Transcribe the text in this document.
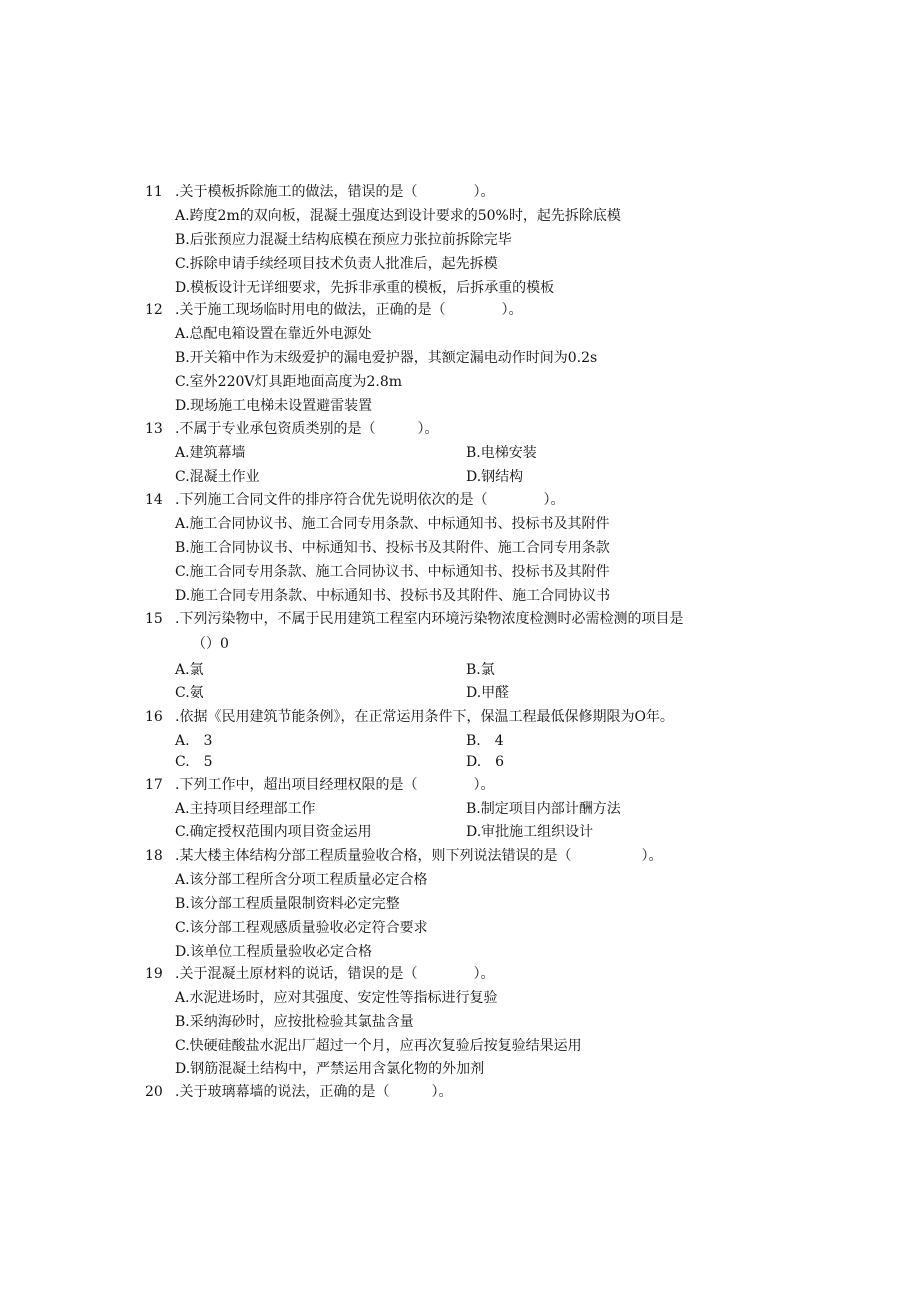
11 .关于模板拆除施工的做法，错误的是（　　　　）。
A.跨度2m的双向板，混凝土强度达到设计要求的50%时，起先拆除底模
B.后张预应力混凝土结构底模在预应力张拉前拆除完毕
C.拆除申请手续经项目技术负责人批准后，起先拆模
D.模板设计无详细要求，先拆非承重的模板，后拆承重的模板
12 .关于施工现场临时用电的做法，正确的是（　　　　）。
A.总配电箱设置在靠近外电源处
B.开关箱中作为末级爱护的漏电爱护器，其额定漏电动作时间为0.2s
C.室外220V灯具距地面高度为2.8m
D.现场施工电梯未设置避雷装置
13 .不属于专业承包资质类别的是（　　　）。
A.建筑幕墙	B.电梯安装
C.混凝土作业	D.钢结构
14 .下列施工合同文件的排序符合优先说明依次的是（　　　　）。
A.施工合同协议书、施工合同专用条款、中标通知书、投标书及其附件
B.施工合同协议书、中标通知书、投标书及其附件、施工合同专用条款
C.施工合同专用条款、施工合同协议书、中标通知书、投标书及其附件
D.施工合同专用条款、中标通知书、投标书及其附件、施工合同协议书
15 .下列污染物中，不属于民用建筑工程室内环境污染物浓度检测时必需检测的项目是
（）0
A.氯	B.氯
C.氨	D.甲醛
16 .依据《民用建筑节能条例》，在正常运用条件下，保温工程最低保修期限为O年。
A.　3	B.　4
C.　5	D.　6
17 .下列工作中，超出项目经理权限的是（　　　　）。
A.主持项目经理部工作	B.制定项目内部计酬方法
C.确定授权范围内项目资金运用	D.审批施工组织设计
18 .某大楼主体结构分部工程质量验收合格，则下列说法错误的是（　　　　　）。
A.该分部工程所含分项工程质量必定合格
B.该分部工程质量限制资料必定完整
C.该分部工程观感质量验收必定符合要求
D.该单位工程质量验收必定合格
19 .关于混凝土原材料的说话，错误的是（　　　　）。
A.水泥进场时，应对其强度、安定性等指标进行复验
B.采纳海砂时，应按批检验其氯盐含量
C.快硬硅酸盐水泥出厂超过一个月，应再次复验后按复验结果运用
D.钢筋混凝土结构中，严禁运用含氯化物的外加剂
20 .关于玻璃幕墙的说法，正确的是（　　　）。
